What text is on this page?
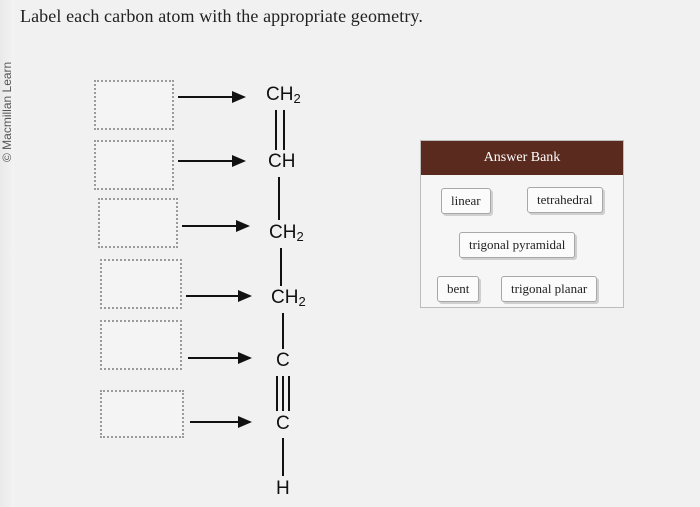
© Macmillan Learn
Label each carbon atom with the appropriate geometry.
$CH_2$
CH
$CH_2$
$CH_2$
C
C
H
Answer Bank
linear	tetrahedral
trigonal pyramidal
bent	trigonal planar
